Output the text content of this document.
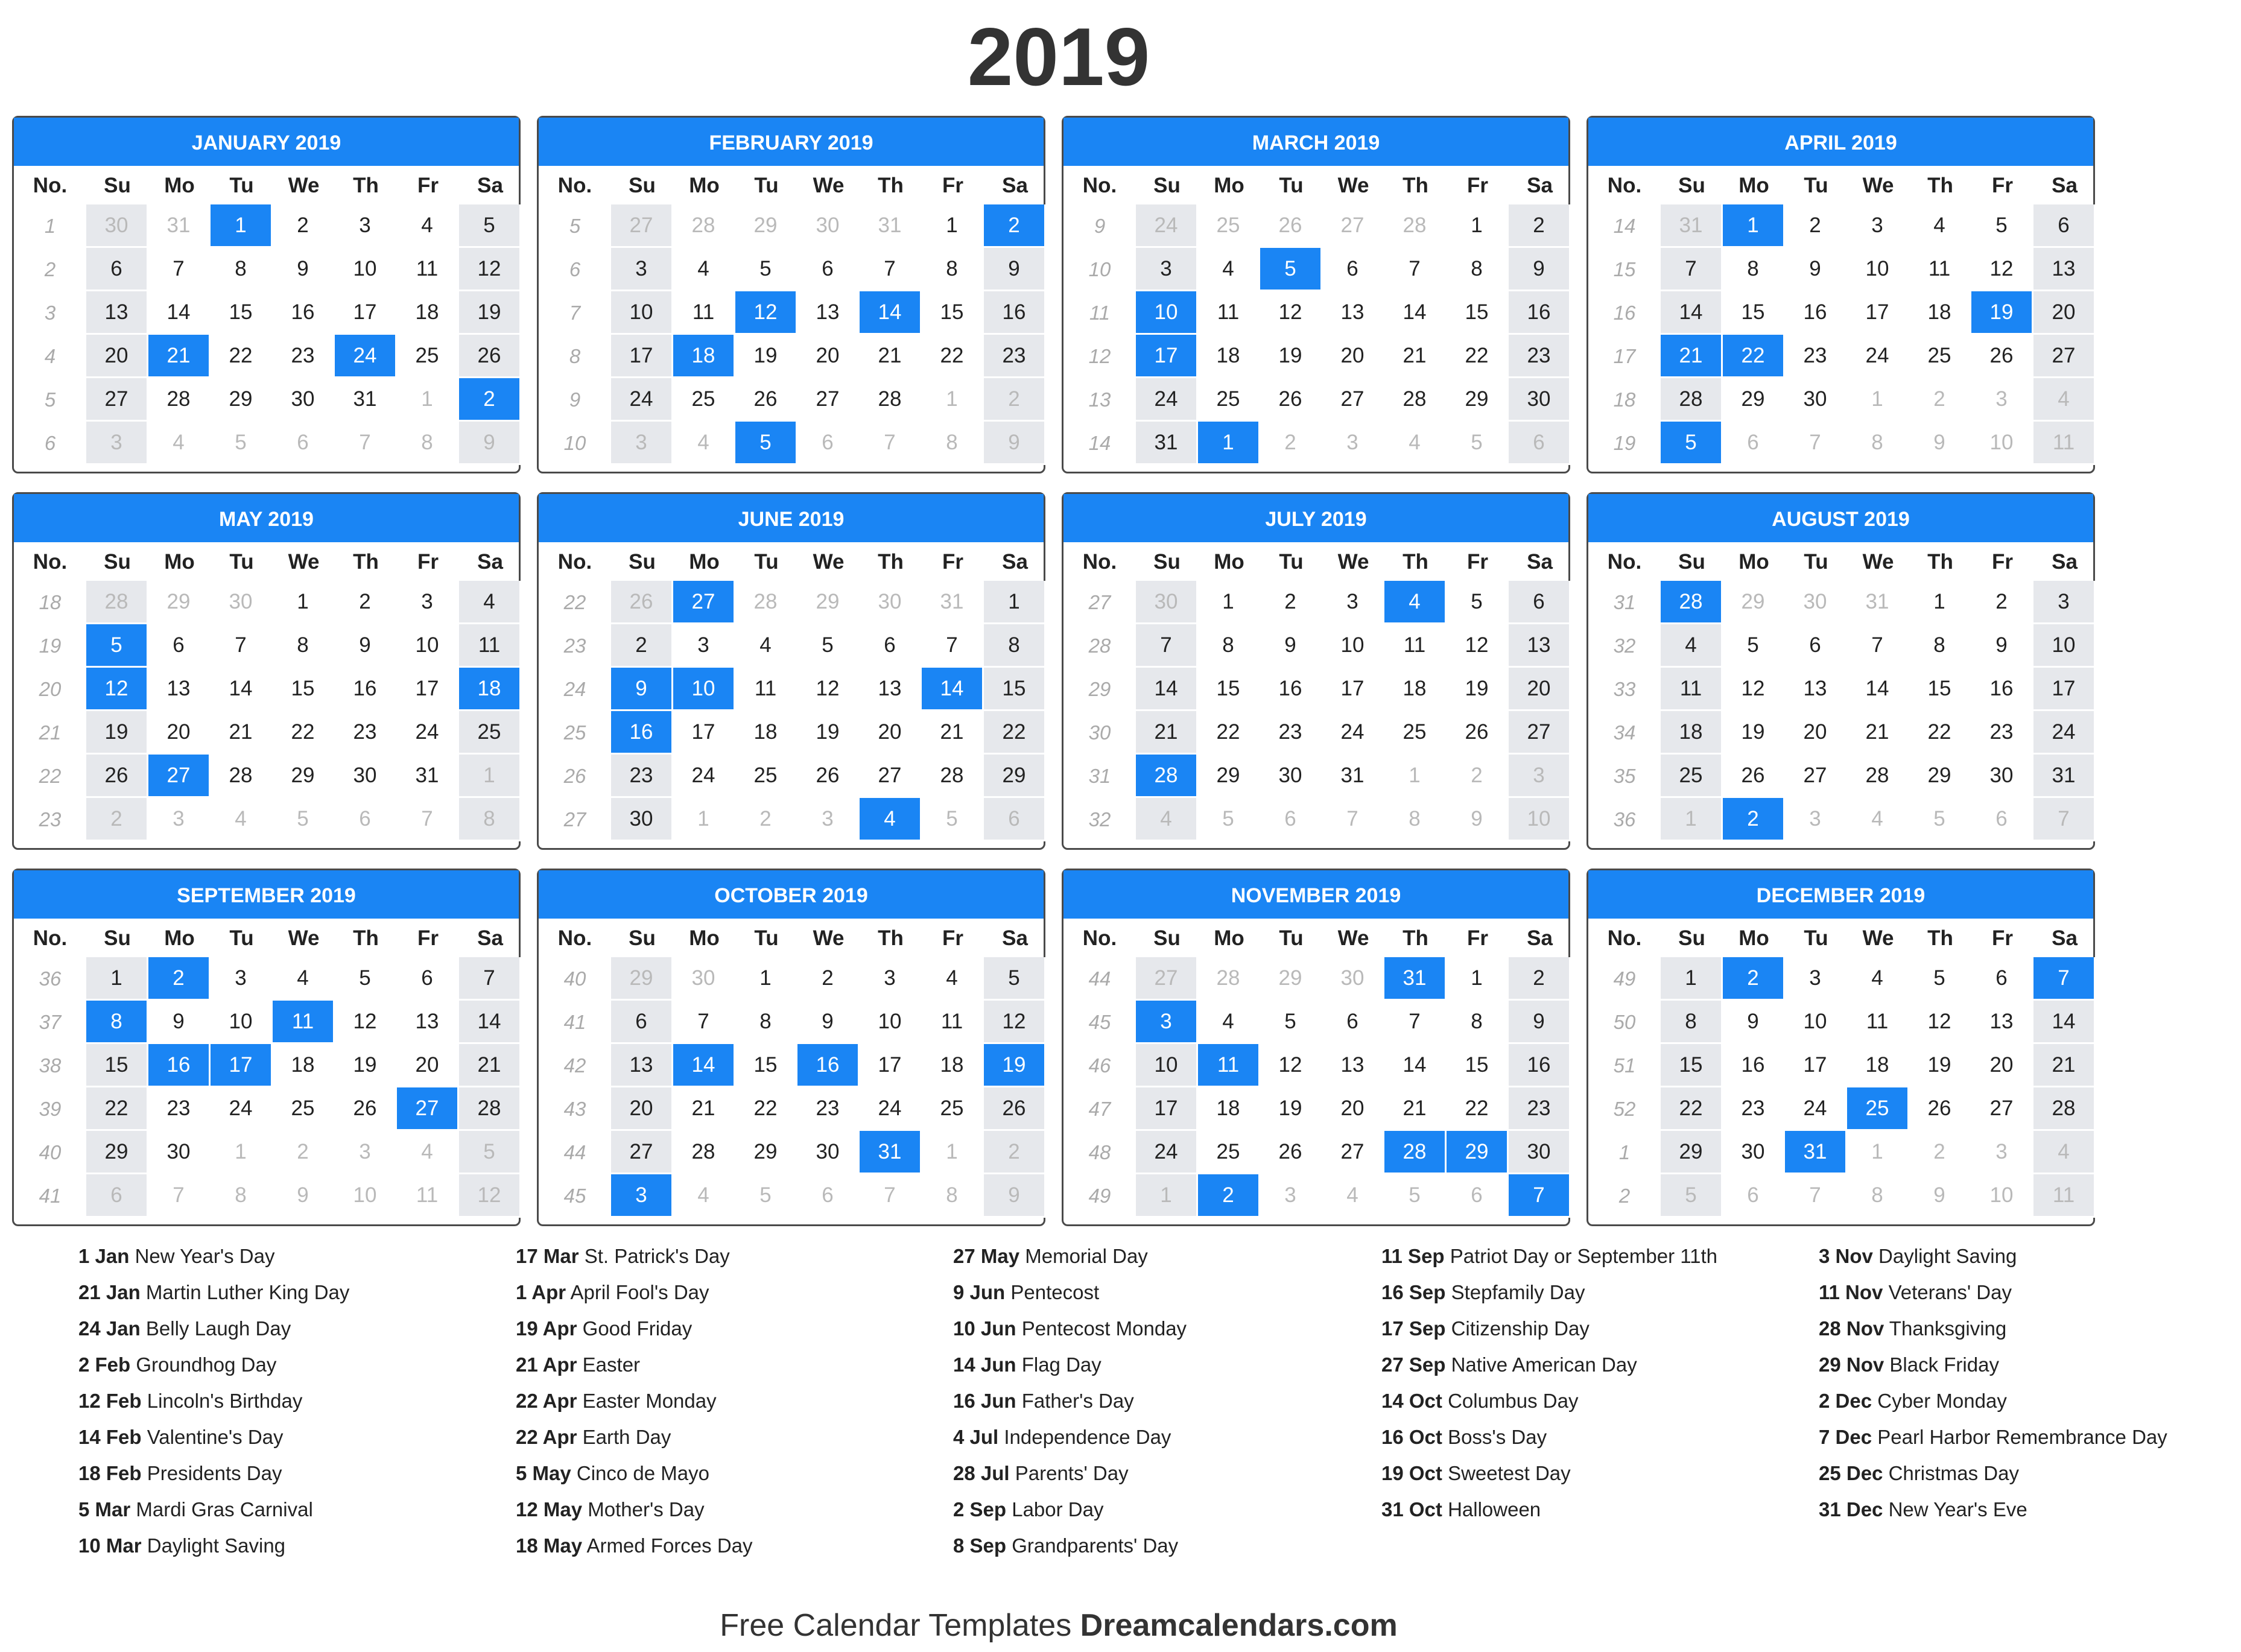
2019
JANUARY 2019
No.	Su	Mo	Tu	We	Th	Fr	Sa
1	30	31	1	2	3	4	5
2	6	7	8	9	10	11	12
3	13	14	15	16	17	18	19
4	20	21	22	23	24	25	26
5	27	28	29	30	31	1	2
6	3	4	5	6	7	8	9
FEBRUARY 2019
No.	Su	Mo	Tu	We	Th	Fr	Sa
5	27	28	29	30	31	1	2
6	3	4	5	6	7	8	9
7	10	11	12	13	14	15	16
8	17	18	19	20	21	22	23
9	24	25	26	27	28	1	2
10	3	4	5	6	7	8	9
MARCH 2019
No.	Su	Mo	Tu	We	Th	Fr	Sa
9	24	25	26	27	28	1	2
10	3	4	5	6	7	8	9
11	10	11	12	13	14	15	16
12	17	18	19	20	21	22	23
13	24	25	26	27	28	29	30
14	31	1	2	3	4	5	6
APRIL 2019
No.	Su	Mo	Tu	We	Th	Fr	Sa
14	31	1	2	3	4	5	6
15	7	8	9	10	11	12	13
16	14	15	16	17	18	19	20
17	21	22	23	24	25	26	27
18	28	29	30	1	2	3	4
19	5	6	7	8	9	10	11
MAY 2019
No.	Su	Mo	Tu	We	Th	Fr	Sa
18	28	29	30	1	2	3	4
19	5	6	7	8	9	10	11
20	12	13	14	15	16	17	18
21	19	20	21	22	23	24	25
22	26	27	28	29	30	31	1
23	2	3	4	5	6	7	8
JUNE 2019
No.	Su	Mo	Tu	We	Th	Fr	Sa
22	26	27	28	29	30	31	1
23	2	3	4	5	6	7	8
24	9	10	11	12	13	14	15
25	16	17	18	19	20	21	22
26	23	24	25	26	27	28	29
27	30	1	2	3	4	5	6
JULY 2019
No.	Su	Mo	Tu	We	Th	Fr	Sa
27	30	1	2	3	4	5	6
28	7	8	9	10	11	12	13
29	14	15	16	17	18	19	20
30	21	22	23	24	25	26	27
31	28	29	30	31	1	2	3
32	4	5	6	7	8	9	10
AUGUST 2019
No.	Su	Mo	Tu	We	Th	Fr	Sa
31	28	29	30	31	1	2	3
32	4	5	6	7	8	9	10
33	11	12	13	14	15	16	17
34	18	19	20	21	22	23	24
35	25	26	27	28	29	30	31
36	1	2	3	4	5	6	7
SEPTEMBER 2019
No.	Su	Mo	Tu	We	Th	Fr	Sa
36	1	2	3	4	5	6	7
37	8	9	10	11	12	13	14
38	15	16	17	18	19	20	21
39	22	23	24	25	26	27	28
40	29	30	1	2	3	4	5
41	6	7	8	9	10	11	12
OCTOBER 2019
No.	Su	Mo	Tu	We	Th	Fr	Sa
40	29	30	1	2	3	4	5
41	6	7	8	9	10	11	12
42	13	14	15	16	17	18	19
43	20	21	22	23	24	25	26
44	27	28	29	30	31	1	2
45	3	4	5	6	7	8	9
NOVEMBER 2019
No.	Su	Mo	Tu	We	Th	Fr	Sa
44	27	28	29	30	31	1	2
45	3	4	5	6	7	8	9
46	10	11	12	13	14	15	16
47	17	18	19	20	21	22	23
48	24	25	26	27	28	29	30
49	1	2	3	4	5	6	7
DECEMBER 2019
No.	Su	Mo	Tu	We	Th	Fr	Sa
49	1	2	3	4	5	6	7
50	8	9	10	11	12	13	14
51	15	16	17	18	19	20	21
52	22	23	24	25	26	27	28
1	29	30	31	1	2	3	4
2	5	6	7	8	9	10	11
1 Jan New Year's Day
21 Jan Martin Luther King Day
24 Jan Belly Laugh Day
2 Feb Groundhog Day
12 Feb Lincoln's Birthday
14 Feb Valentine's Day
18 Feb Presidents Day
5 Mar Mardi Gras Carnival
10 Mar Daylight Saving
17 Mar St. Patrick's Day
1 Apr April Fool's Day
19 Apr Good Friday
21 Apr Easter
22 Apr Easter Monday
22 Apr Earth Day
5 May Cinco de Mayo
12 May Mother's Day
18 May Armed Forces Day
27 May Memorial Day
9 Jun Pentecost
10 Jun Pentecost Monday
14 Jun Flag Day
16 Jun Father's Day
4 Jul Independence Day
28 Jul Parents' Day
2 Sep Labor Day
8 Sep Grandparents' Day
11 Sep Patriot Day or September 11th
16 Sep Stepfamily Day
17 Sep Citizenship Day
27 Sep Native American Day
14 Oct Columbus Day
16 Oct Boss's Day
19 Oct Sweetest Day
31 Oct Halloween
3 Nov Daylight Saving
11 Nov Veterans' Day
28 Nov Thanksgiving
29 Nov Black Friday
2 Dec Cyber Monday
7 Dec Pearl Harbor Remembrance Day
25 Dec Christmas Day
31 Dec New Year's Eve
Free Calendar Templates Dreamcalendars.com
